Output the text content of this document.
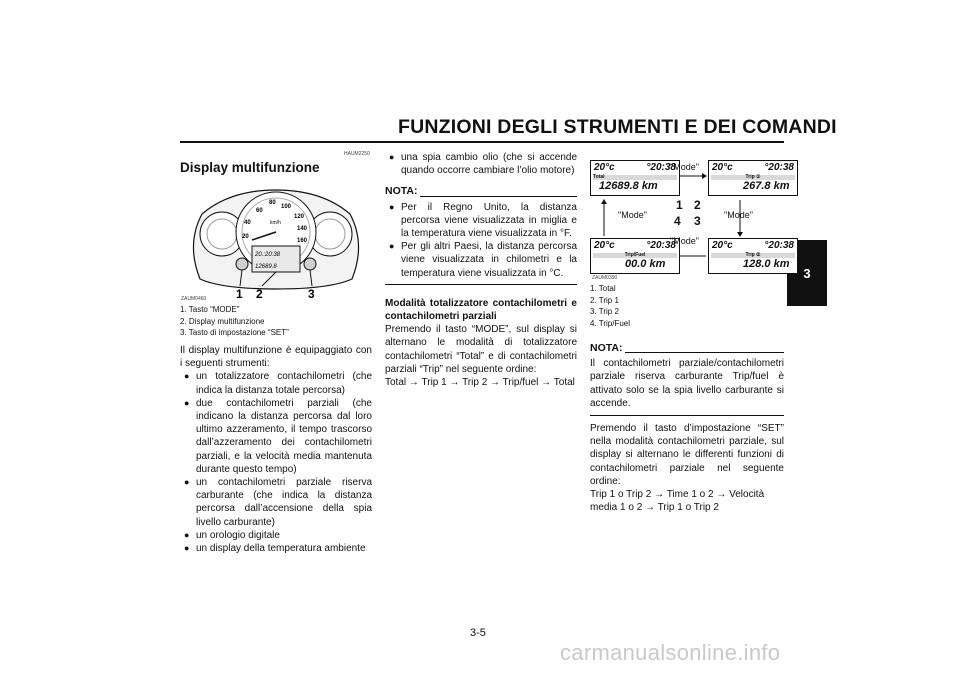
FUNZIONI DEGLI STRUMENTI E DEI COMANDI
3
HAUM2250
Display multifunzione
20
40
60
80
100
120
140
160
km/h
20.:20:38
12689.8
1 2	3
ZAUM0460
1. Tasto “MODE”
2. Display multifunzione
3. Tasto di impostazione “SET”
Il display multifunzione è equipaggiato con i seguenti strumenti:
● un totalizzatore contachilometri (che indica la distanza totale percorsa)
● due contachilometri parziali (che indicano la distanza percorsa dal loro ultimo azzeramento, il tempo trascorso dall’azzeramento dei contachilometri parziali, e la velocità media mantenuta durante questo tempo)
● un contachilometri parziale riserva carburante (che indica la distanza percorsa dall’accensione della spia livello carburante)
● un orologio digitale
● un display della temperatura ambiente
● una spia cambio olio (che si accende quando occorre cambiare l’olio motore)
NOTA:
● Per il Regno Unito, la distanza percorsa viene visualizzata in miglia e la temperatura viene visualizzata in °F.
● Per gli altri Paesi, la distanza percorsa viene visualizzata in chilometri e la temperatura viene visualizzata in °C.
Modalità totalizzatore contachilometri e contachilometri parziali
Premendo il tasto “MODE”, sul display si alternano le modalità di totalizzatore contachilometri “Total” e di contachilometri parziali “Trip” nel seguente ordine:
Total → Trip 1 → Trip 2 → Trip/fuel → Total
20°c	°20:38
Total
12689.8 km
20°c	°20:38
Trip ①
267.8 km
20°c	°20:38
Trip/Fuel
00.0 km
20°c	°20:38
Trip ②
128.0 km
"Mode"
"Mode"	"Mode"
"Mode"
1 2
4 3
ZAUM0390
1. Total
2. Trip 1
3. Trip 2
4. Trip/Fuel
NOTA:
Il contachilometri parziale/contachilometri parziale riserva carburante Trip/fuel è attivato solo se la spia livello carburante si accende.
Premendo il tasto d’impostazione “SET” nella modalità contachilometri parziale, sul display si alternano le differenti funzioni di contachilometri parziale nel seguente ordine:
Trip 1 o Trip 2 → Time 1 o 2 → Velocità media 1 o 2 → Trip 1 o Trip 2
3-5
carmanualsonline.info
